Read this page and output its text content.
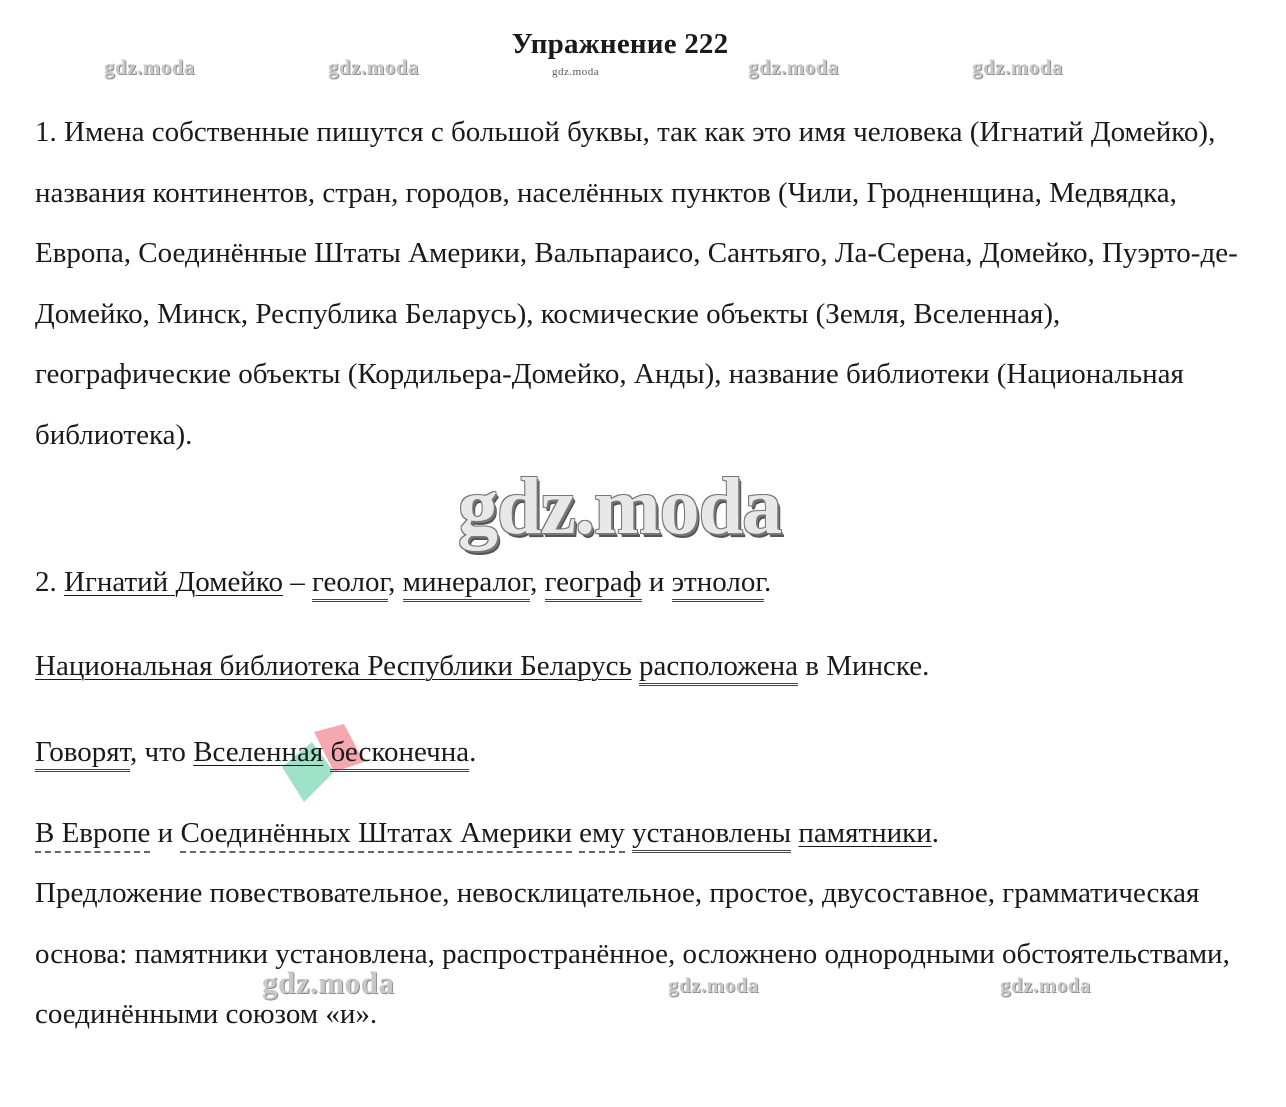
Упражнение 222
gdz.moda	gdz.moda	gdz.moda	gdz.moda	gdz.moda
1. Имена собственные пишутся с большой буквы, так как это имя человека (Игнатий Домейко), названия континентов, стран, городов, населённых пунктов (Чили, Гродненщина, Медвядка, Европа, Соединённые Штаты Америки, Вальпараисо, Сантьяго, Ла-Серена, Домейко, Пуэрто-де-Домейко, Минск, Республика Беларусь), космические объекты (Земля, Вселенная), географические объекты (Кордильера-Домейко, Анды), название библиотеки (Национальная библиотека).
gdz.moda
2. Игнатий Домейко – геолог, минералог, географ и этнолог.
Национальная библиотека Республики Беларусь расположена в Минске.
Говорят, что Вселенная бесконечна.
В Европе и Соединённых Штатах Америки ему установлены памятники.
Предложение повествовательное, невосклицательное, простое, двусоставное, грамматическая основа: памятники установлена, распространённое, осложнено однородными обстоятельствами, соединёнными союзом «и».
gdz.moda	gdz.moda	gdz.moda
